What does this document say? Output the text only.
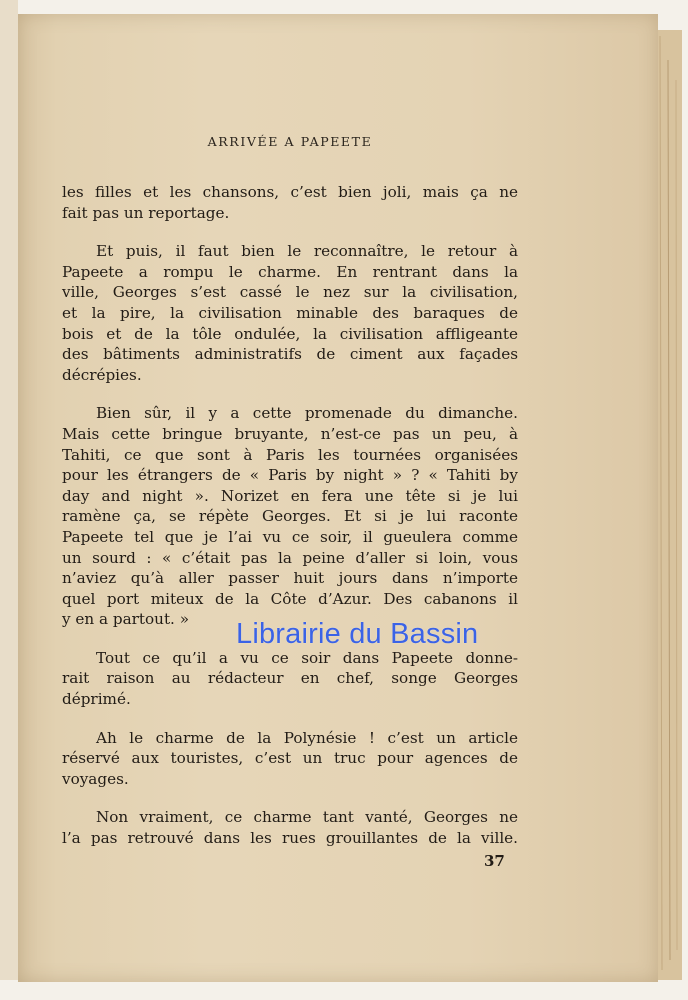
ARRIVÉE A PAPEETE

les filles et les chansons, c’est bien joli, mais ça ne
fait pas un reportage.

Et puis, il faut bien le reconnaître, le retour à
Papeete a rompu le charme. En rentrant dans la
ville, Georges s’est cassé le nez sur la civilisation,
et la pire, la civilisation minable des baraques de
bois et de la tôle ondulée, la civilisation affligeante
des bâtiments administratifs de ciment aux façades
décrépies.

Bien sûr, il y a cette promenade du dimanche.
Mais cette bringue bruyante, n’est-ce pas un peu, à
Tahiti, ce que sont à Paris les tournées organisées
pour les étrangers de « Paris by night » ? « Tahiti by
day and night ». Norizet en fera une tête si je lui
ramène ça, se répète Georges. Et si je lui raconte
Papeete tel que je l’ai vu ce soir, il gueulera comme
un sourd : « c’était pas la peine d’aller si loin, vous
n’aviez qu’à aller passer huit jours dans n’importe
quel port miteux de la Côte d’Azur. Des cabanons il
y en a partout. »

Tout ce qu’il a vu ce soir dans Papeete donne-
rait raison au rédacteur en chef, songe Georges
déprimé.

Ah le charme de la Polynésie ! c’est un article
réservé aux touristes, c’est un truc pour agences de
voyages.

Non vraiment, ce charme tant vanté, Georges ne
l’a pas retrouvé dans les rues grouillantes de la ville.

Librairie du Bassin
37
